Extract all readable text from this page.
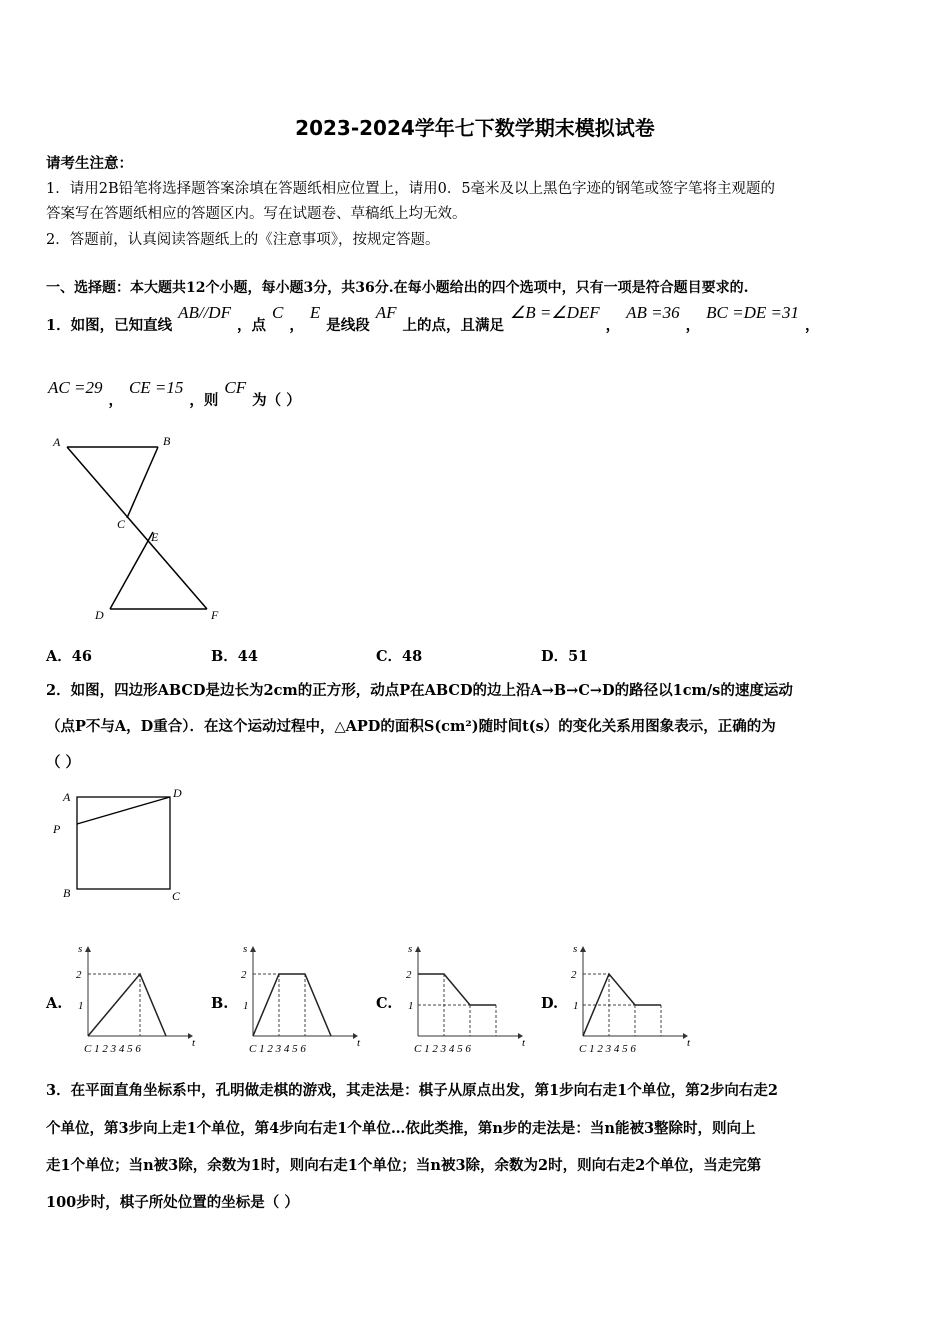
2023-2024学年七下数学期末模拟试卷
请考生注意：
1．请用2B铅笔将选择题答案涂填在答题纸相应位置上，请用0．5毫米及以上黑色字迹的钢笔或签字笔将主观题的
答案写在答题纸相应的答题区内。写在试题卷、草稿纸上均无效。
2．答题前，认真阅读答题纸上的《注意事项》，按规定答题。
一、选择题：本大题共12个小题，每小题3分，共36分.在每小题给出的四个选项中，只有一项是符合题目要求的.
1．如图，已知直线AB//DF，点C，E是线段AF上的点，且满足∠B =∠DEF，AB =36，BC =DE =31，
AC =29，CE =15，则CF为（ ）
A	B
C
E
D	F
A．46	B．44	C．48	D．51
2．如图，四边形ABCD是边长为2cm的正方形，动点P在ABCD的边上沿A→B→C→D的路径以1cm/s的速度运动
（点P不与A，D重合）．在这个运动过程中，△APD的面积S(cm²)随时间t(s）的变化关系用图象表示，正确的为
（ ）
A	D
P
B	C
A.
2
1
s
t
C 1 2 3 4 5 6
B.
2
1
s
t
C 1 2 3 4 5 6
C.
2
1
s
t
C 1 2 3 4 5 6
D.
2
1
s
t
C 1 2 3 4 5 6
3．在平面直角坐标系中，孔明做走棋的游戏，其走法是：棋子从原点出发，第1步向右走1个单位，第2步向右走2
个单位，第3步向上走1个单位，第4步向右走1个单位…依此类推，第n步的走法是：当n能被3整除时，则向上
走1个单位；当n被3除，余数为1时，则向右走1个单位；当n被3除，余数为2时，则向右走2个单位，当走完第
100步时，棋子所处位置的坐标是（ ）
